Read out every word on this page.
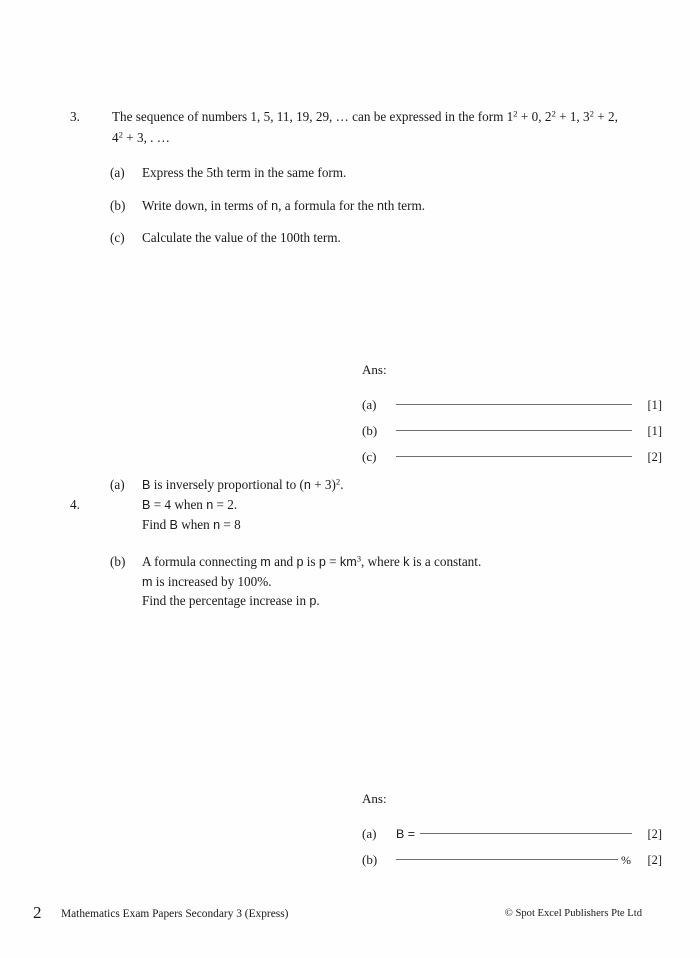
3. The sequence of numbers 1, 5, 11, 19, 29, … can be expressed in the form $1^2 + 0$, $2^2 + 1$, $3^2 + 2$, $4^2 + 3$, . …
(a) Express the 5th term in the same form.
(b) Write down, in terms of n, a formula for the nth term.
(c) Calculate the value of the 100th term.
Ans:
(a)	[1]
(b)	[1]
(c)	[2]
4.
(a) B is inversely proportional to $(n + 3)^2$.
B = 4 when n = 2.
Find B when n = 8
(b) A formula connecting m and p is $p = km^3$, where k is a constant.
m is increased by 100%.
Find the percentage increase in p.
Ans:
(a)	B =	[2]
(b)	%	[2]
2 Mathematics Exam Papers Secondary 3 (Express)	© Spot Excel Publishers Pte Ltd
